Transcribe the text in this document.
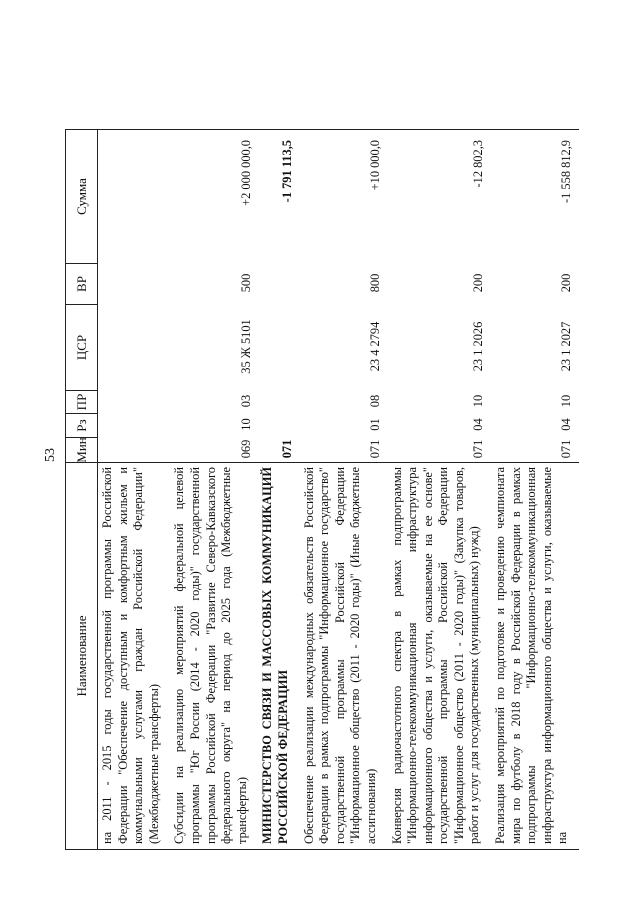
53
Наименование
Мин
Рз
ПР
ЦСР
ВР
Сумма
на 2011 - 2015 годы государственной программы Российской Федерации "Обеспечение доступным и комфортным жильем и коммунальными услугами граждан Российской Федерации" (Межбюджетные трансферты) Субсидии на реализацию мероприятий федеральной целевой программы "Юг России (2014 - 2020 годы)" государственной программы Российской Федерации "Развитие Северо-Кавказского федерального округа" на период до 2025 года (Межбюджетные трансферты)
069
10
03
35 Ж 5101
500
+2 000 000,0
МИНИСТЕРСТВО СВЯЗИ И МАССОВЫХ КОММУНИКАЦИЙ РОССИЙСКОЙ ФЕДЕРАЦИИ
071
-1 791 113,5
Обеспечение реализации международных обязательств Российской Федерации в рамках подпрограммы "Информационное государство" государственной программы Российской Федерации "Информационное общество (2011 - 2020 годы)" (Иные бюджетные ассигнования)
071
01
08
23 4 2794
800
+10 000,0
Конверсия радиочастотного спектра в рамках подпрограммы "Информационно-телекоммуникационная инфраструктура информационного общества и услуги, оказываемые на ее основе" государственной программы Российской Федерации "Информационное общество (2011 - 2020 годы)" (Закупка товаров, работ и услуг для государственных (муниципальных) нужд)
071
04
10
23 1 2026
200
-12 802,3
Реализация мероприятий по подготовке и проведению чемпионата мира по футболу в 2018 году в Российской Федерации в рамках подпрограммы "Информационно-телекоммуникационная инфраструктура информационного общества и услуги, оказываемые на
071
04
10
23 1 2027
200
-1 558 812,9
